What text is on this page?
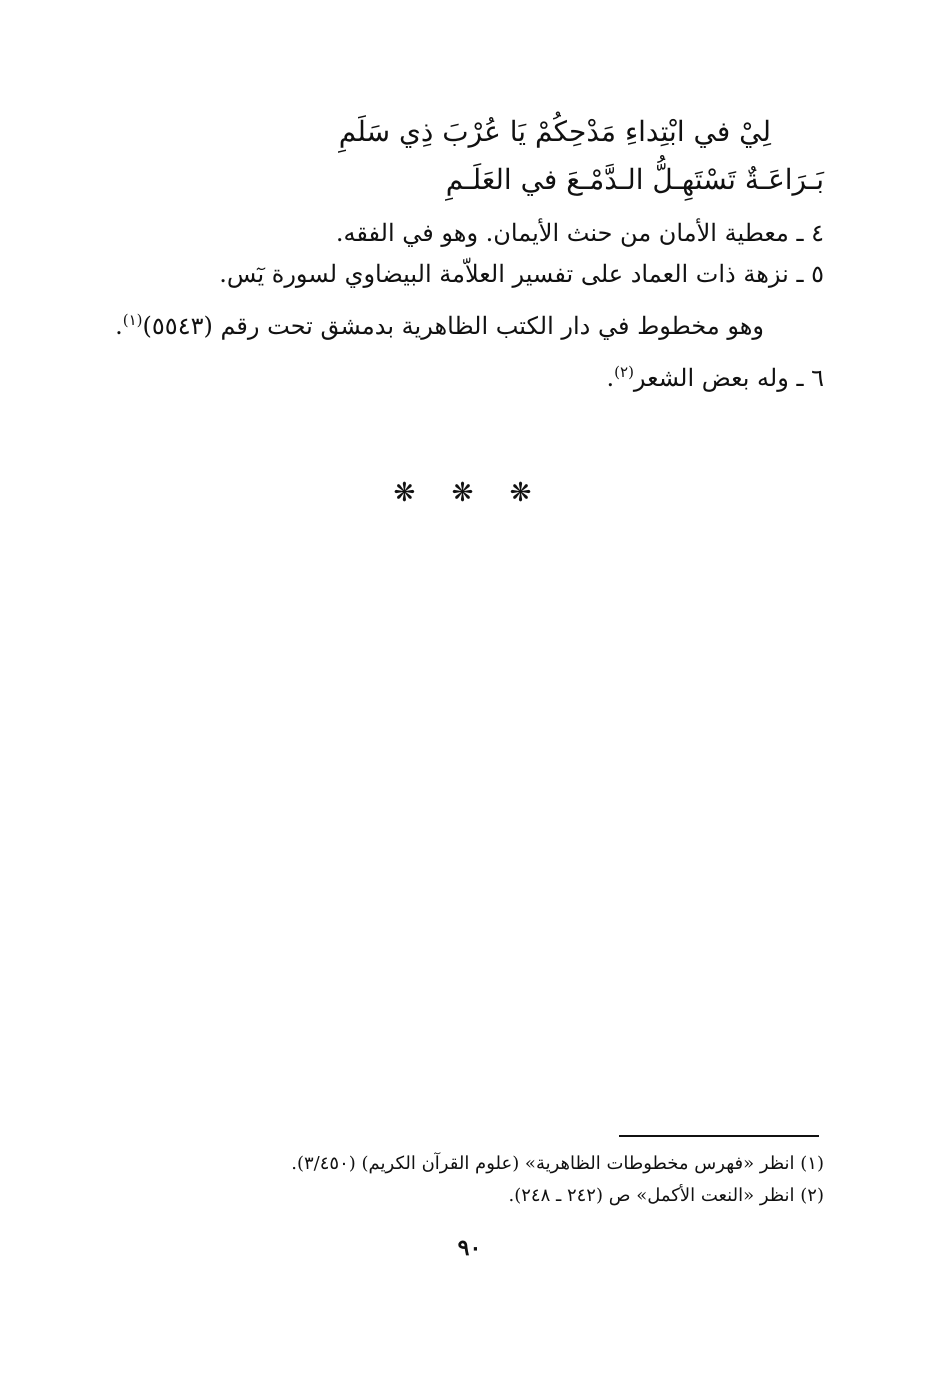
لِيْ في ابْتِداءِ مَدْحِكُمْ يَا عُرْبَ ذِي سَلَمِ
بَـرَاعَـةٌ تَسْتَهِـلُّ الـدَّمْـعَ في العَلَـمِ
٤ ـ معطية الأمان من حنث الأيمان. وهو في الفقه.
٥ ـ نزهة ذات العماد على تفسير العلاّمة البيضاوي لسورة يٓس.
وهو مخطوط في دار الكتب الظاهرية بدمشق تحت رقم (٥٥٤٣)$^{(١)}$.
٦ ـ وله بعض الشعر$^{(٢)}$.
❋ ❋ ❋
(١) انظر «فهرس مخطوطات الظاهرية» (علوم القرآن الكريم) (٣/٤٥٠).
(٢) انظر «النعت الأكمل» ص (٢٤٢ ـ ٢٤٨).
٩٠
